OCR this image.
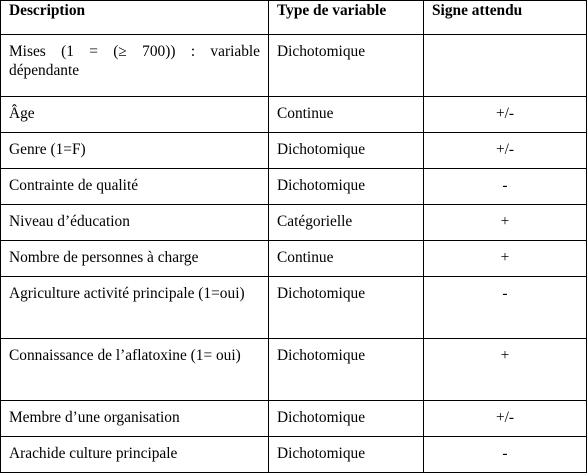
Description	Type de variable	Signe attendu
Mises (1 = (≥ 700)) : variable dépendante	Dichotomique	
Âge	Continue	+/-
Genre (1=F)	Dichotomique	+/-
Contrainte de qualité	Dichotomique	-
Niveau d’éducation	Catégorielle	+
Nombre de personnes à charge	Continue	+
Agriculture activité principale (1=oui)	Dichotomique	-
Connaissance de l’aflatoxine (1= oui)	Dichotomique	+
Membre d’une organisation	Dichotomique	+/-
Arachide culture principale	Dichotomique	-
